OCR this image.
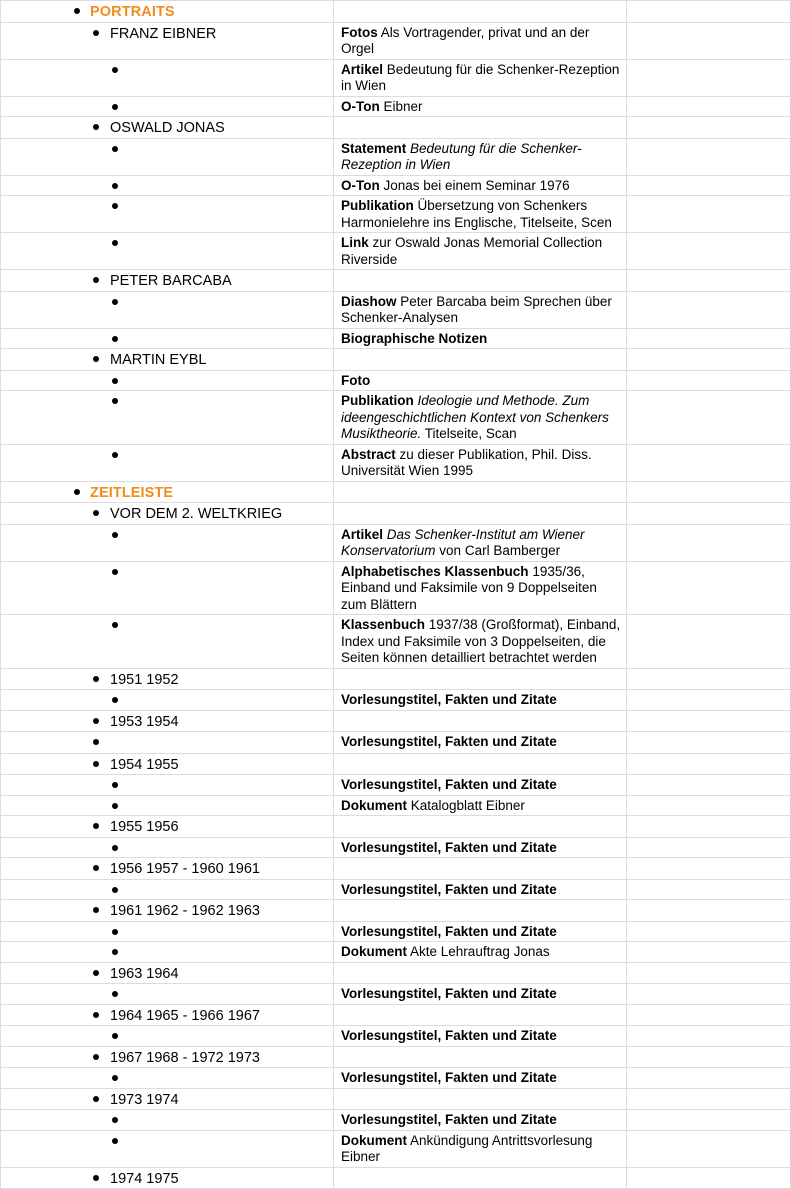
PORTRAITS		

FRANZ EIBNER	Fotos Als Vortragender, privat und an der Orgel	

	Artikel Bedeutung für die Schenker-Rezeption in Wien	

	O-Ton Eibner	

OSWALD JONAS		

	Statement Bedeutung für die Schenker-Rezeption in Wien	

	O-Ton Jonas bei einem Seminar 1976	

	Publikation Übersetzung von Schenkers Harmonielehre ins Englische, Titelseite, Scen	

	Link zur Oswald Jonas Memorial Collection Riverside	

PETER BARCABA		

	Diashow Peter Barcaba beim Sprechen über Schenker-Analysen	

	Biographische Notizen	

MARTIN EYBL		

	Foto	

	Publikation Ideologie und Methode. Zum ideengeschichtlichen Kontext von Schenkers Musiktheorie. Titelseite, Scan	

	Abstract zu dieser Publikation, Phil. Diss. Universität Wien 1995	

ZEITLEISTE		

VOR DEM 2. WELTKRIEG		

	Artikel Das Schenker-Institut am Wiener Konservatorium von Carl Bamberger	

	Alphabetisches Klassenbuch 1935/36, Einband und Faksimile von 9 Doppelseiten zum Blättern	

	Klassenbuch 1937/38 (Großformat), Einband, Index und Faksimile von 3 Doppelseiten, die Seiten können detailliert betrachtet werden	

1951 1952		

	Vorlesungstitel, Fakten und Zitate	

1953 1954		

	Vorlesungstitel, Fakten und Zitate	

1954 1955		

	Vorlesungstitel, Fakten und Zitate	

	Dokument Katalogblatt Eibner	

1955 1956		

	Vorlesungstitel, Fakten und Zitate	

1956 1957 - 1960 1961		

	Vorlesungstitel, Fakten und Zitate	

1961 1962 - 1962 1963		

	Vorlesungstitel, Fakten und Zitate	

	Dokument Akte Lehrauftrag Jonas	

1963 1964		

	Vorlesungstitel, Fakten und Zitate	

1964 1965 - 1966 1967		

	Vorlesungstitel, Fakten und Zitate	

1967 1968 - 1972 1973		

	Vorlesungstitel, Fakten und Zitate	

1973 1974		

	Vorlesungstitel, Fakten und Zitate	

	Dokument Ankündigung Antrittsvorlesung Eibner	

1974 1975		
